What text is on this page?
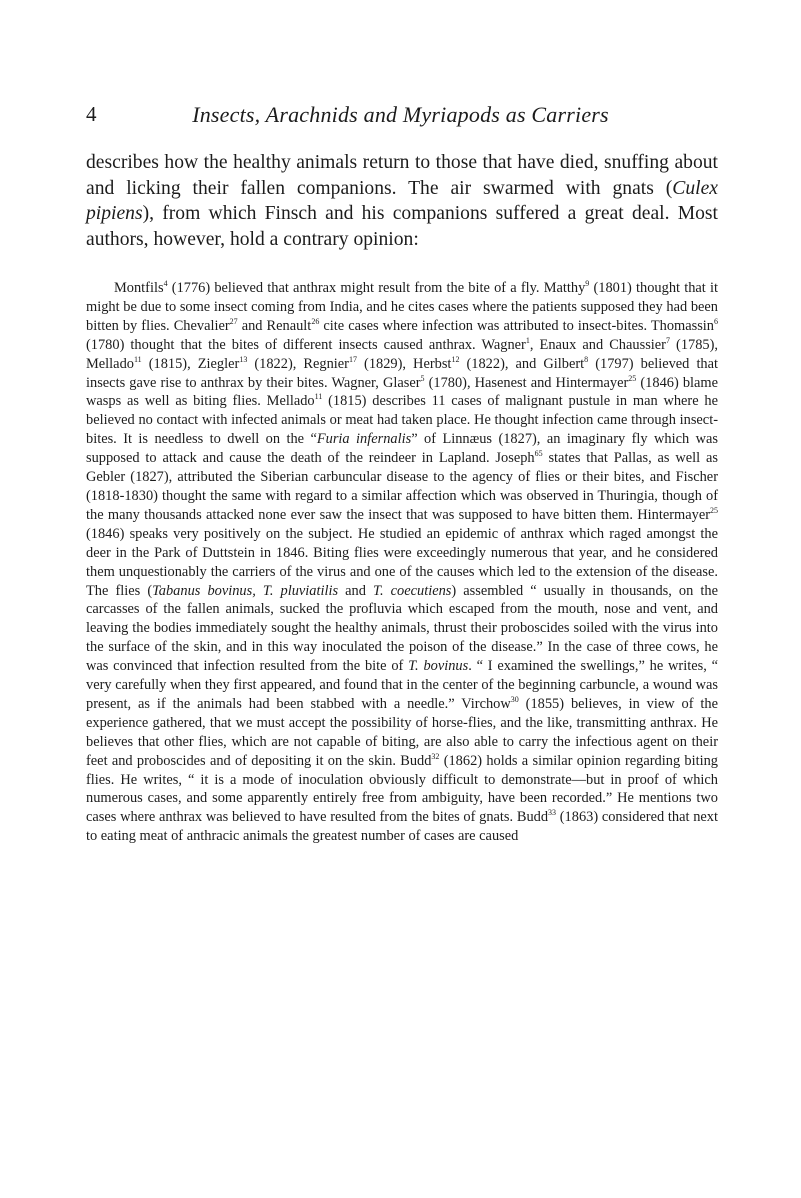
4	Insects, Arachnids and Myriapods as Carriers

describes how the healthy animals return to those that have died, snuffing about and licking their fallen companions. The air swarmed with gnats (Culex pipiens), from which Finsch and his companions suffered a great deal. Most authors, however, hold a contrary opinion:

Montfils$^4$ (1776) believed that anthrax might result from the bite of a fly. Matthy$^9$ (1801) thought that it might be due to some insect coming from India, and he cites cases where the patients supposed they had been bitten by flies. Chevalier$^{27}$ and Renault$^{26}$ cite cases where infection was attributed to insect-bites. Thomassin$^6$ (1780) thought that the bites of different insects caused anthrax. Wagner$^1$, Enaux and Chaussier$^7$ (1785), Mellado$^{11}$ (1815), Ziegler$^{13}$ (1822), Regnier$^{17}$ (1829), Herbst$^{12}$ (1822), and Gilbert$^8$ (1797) believed that insects gave rise to anthrax by their bites. Wagner, Glaser$^5$ (1780), Hasenest and Hintermayer$^{25}$ (1846) blame wasps as well as biting flies. Mellado$^{11}$ (1815) describes 11 cases of malignant pustule in man where he believed no contact with infected animals or meat had taken place. He thought infection came through insect-bites. It is needless to dwell on the “Furia infernalis” of Linnæus (1827), an imaginary fly which was supposed to attack and cause the death of the reindeer in Lapland. Joseph$^{65}$ states that Pallas, as well as Gebler (1827), attributed the Siberian carbuncular disease to the agency of flies or their bites, and Fischer (1818-1830) thought the same with regard to a similar affection which was observed in Thuringia, though of the many thousands attacked none ever saw the insect that was supposed to have bitten them. Hintermayer$^{25}$ (1846) speaks very positively on the subject. He studied an epidemic of anthrax which raged amongst the deer in the Park of Duttstein in 1846. Biting flies were exceedingly numerous that year, and he considered them unquestionably the carriers of the virus and one of the causes which led to the extension of the disease. The flies (Tabanus bovinus, T. pluviatilis and T. coecutiens) assembled “ usually in thousands, on the carcasses of the fallen animals, sucked the profluvia which escaped from the mouth, nose and vent, and leaving the bodies immediately sought the healthy animals, thrust their proboscides soiled with the virus into the surface of the skin, and in this way inoculated the poison of the disease.” In the case of three cows, he was convinced that infection resulted from the bite of T. bovinus. “ I examined the swellings,” he writes, “ very carefully when they first appeared, and found that in the center of the beginning carbuncle, a wound was present, as if the animals had been stabbed with a needle.” Virchow$^{30}$ (1855) believes, in view of the experience gathered, that we must accept the possibility of horse-flies, and the like, transmitting anthrax. He believes that other flies, which are not capable of biting, are also able to carry the infectious agent on their feet and proboscides and of depositing it on the skin. Budd$^{32}$ (1862) holds a similar opinion regarding biting flies. He writes, “ it is a mode of inoculation obviously difficult to demonstrate—but in proof of which numerous cases, and some apparently entirely free from ambiguity, have been recorded.” He mentions two cases where anthrax was believed to have resulted from the bites of gnats. Budd$^{33}$ (1863) considered that next to eating meat of anthracic animals the greatest number of cases are caused
